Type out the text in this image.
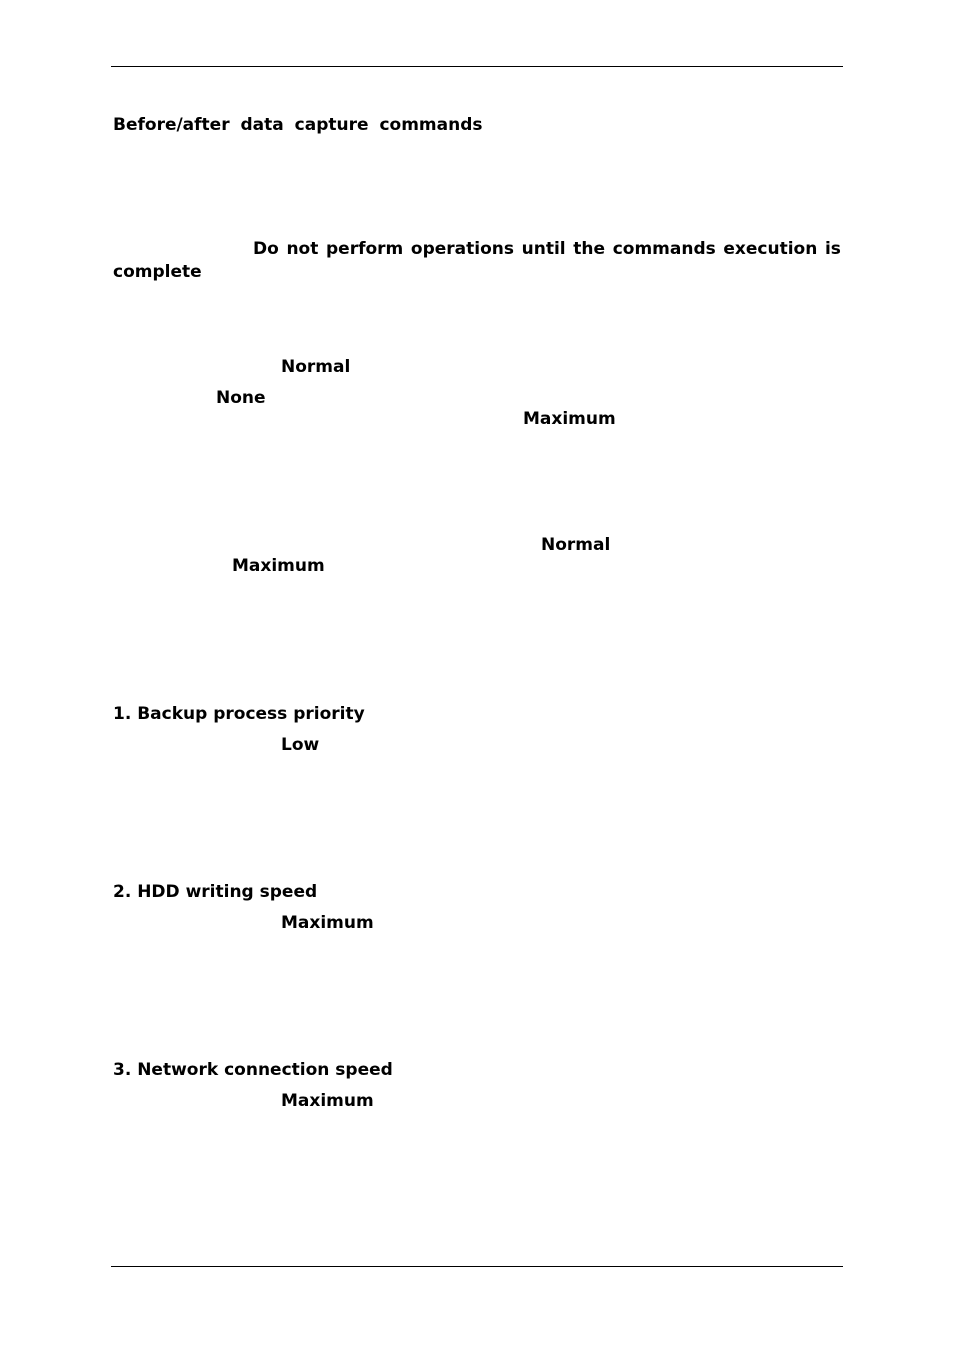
Before/after data capture commands
Do not perform operations until the commands execution is
complete
Normal
None
Maximum
Normal
Maximum
1. Backup process priority
Low
2. HDD writing speed
Maximum
3. Network connection speed
Maximum
